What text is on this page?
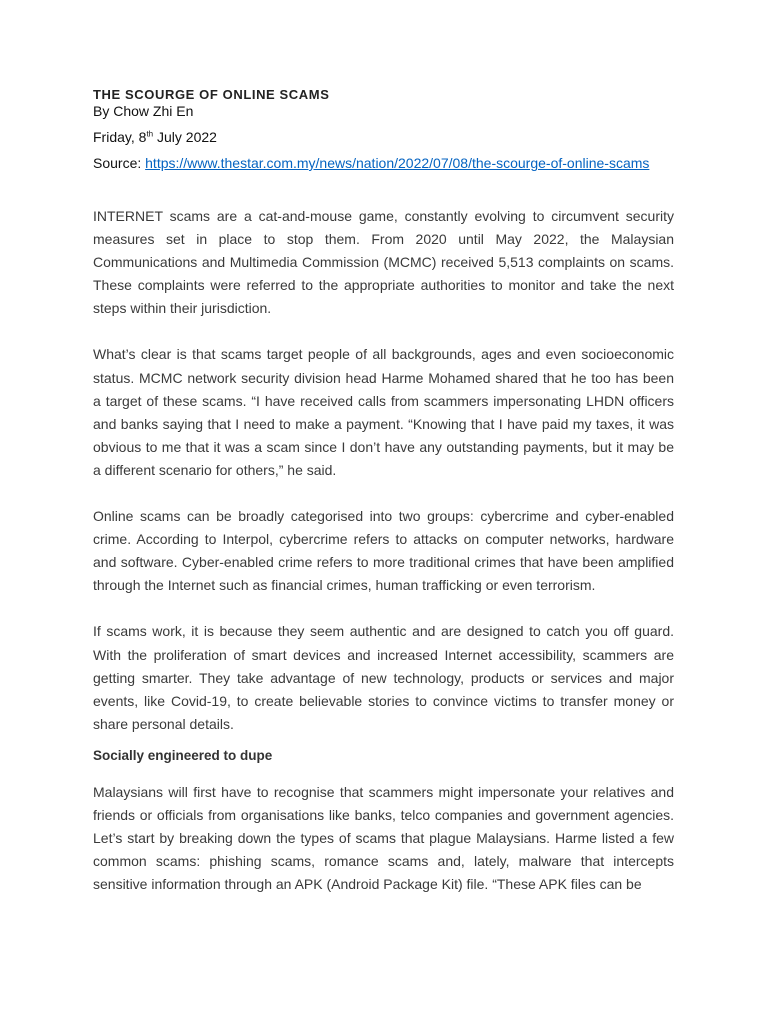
THE SCOURGE OF ONLINE SCAMS

By Chow Zhi En

Friday, 8th July 2022

Source: https://www.thestar.com.my/news/nation/2022/07/08/the-scourge-of-online-scams

INTERNET scams are a cat-and-mouse game, constantly evolving to circumvent security measures set in place to stop them. From 2020 until May 2022, the Malaysian Communications and Multimedia Commission (MCMC) received 5,513 complaints on scams. These complaints were referred to the appropriate authorities to monitor and take the next steps within their jurisdiction.

What’s clear is that scams target people of all backgrounds, ages and even socioeconomic status. MCMC network security division head Harme Mohamed shared that he too has been a target of these scams. “I have received calls from scammers impersonating LHDN officers and banks saying that I need to make a payment. “Knowing that I have paid my taxes, it was obvious to me that it was a scam since I don’t have any outstanding payments, but it may be a different scenario for others,” he said.

Online scams can be broadly categorised into two groups: cybercrime and cyber-enabled crime. According to Interpol, cybercrime refers to attacks on computer networks, hardware and software. Cyber-enabled crime refers to more traditional crimes that have been amplified through the Internet such as financial crimes, human trafficking or even terrorism.

If scams work, it is because they seem authentic and are designed to catch you off guard. With the proliferation of smart devices and increased Internet accessibility, scammers are getting smarter. They take advantage of new technology, products or services and major events, like Covid-19, to create believable stories to convince victims to transfer money or share personal details.

Socially engineered to dupe

Malaysians will first have to recognise that scammers might impersonate your relatives and friends or officials from organisations like banks, telco companies and government agencies. Let’s start by breaking down the types of scams that plague Malaysians. Harme listed a few common scams: phishing scams, romance scams and, lately, malware that intercepts sensitive information through an APK (Android Package Kit) file. “These APK files can be
